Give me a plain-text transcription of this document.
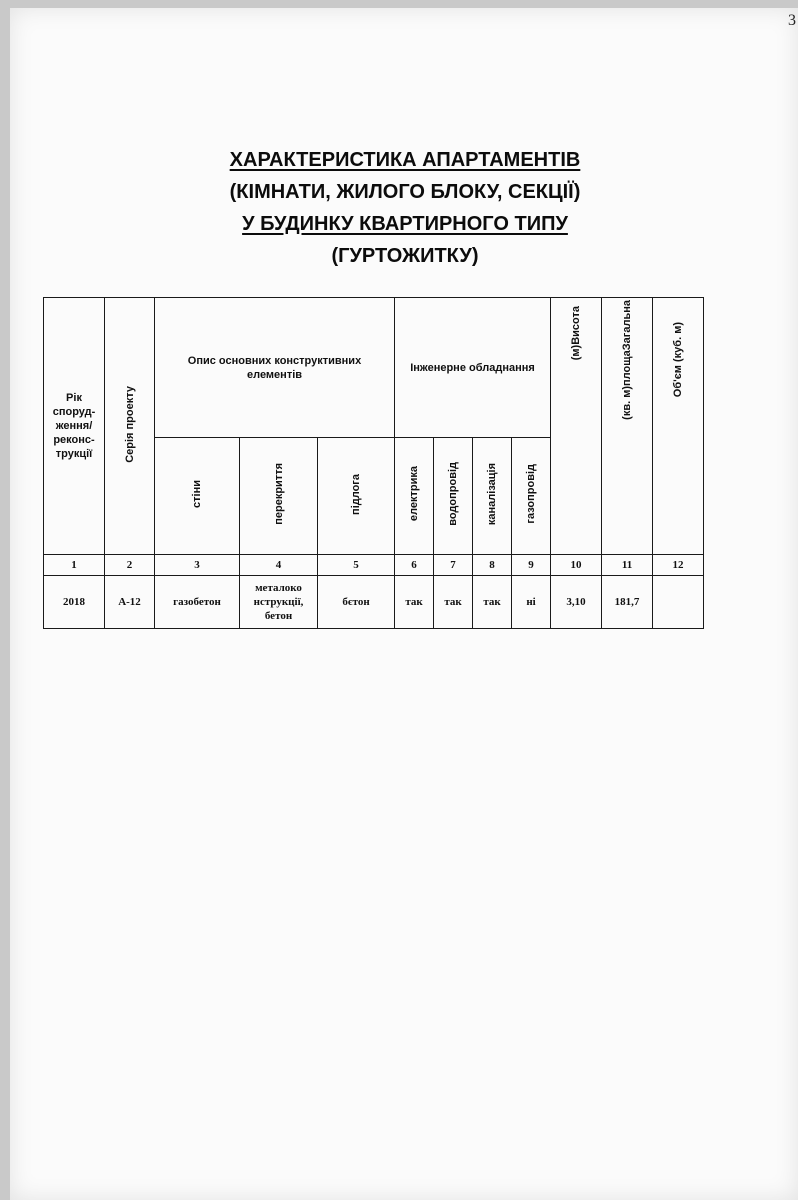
3
ХАРАКТЕРИСТИКА АПАРТАМЕНТІВ
(КІМНАТИ, ЖИЛОГО БЛОКУ, СЕКЦІЇ)
У БУДИНКУ КВАРТИРНОГО ТИПУ
(ГУРТОЖИТКУ)
Рік споруд-ження/ реконс-трукції	Серія проекту	Опис основних конструктивних елементів			Інженерне обладнання				(м)Висота	(кв. м)площаЗагальна	Об'єм (куб. м)
		стіни	перекриття	підлога	електрика	водопровід	каналізація	газопровід			
1	2	3	4	5	6	7	8	9	10	11	12
2018	А-12	газобетон	металоко нструкції, бетон	бєтон	так	так	так	ні	3,10	181,7	
